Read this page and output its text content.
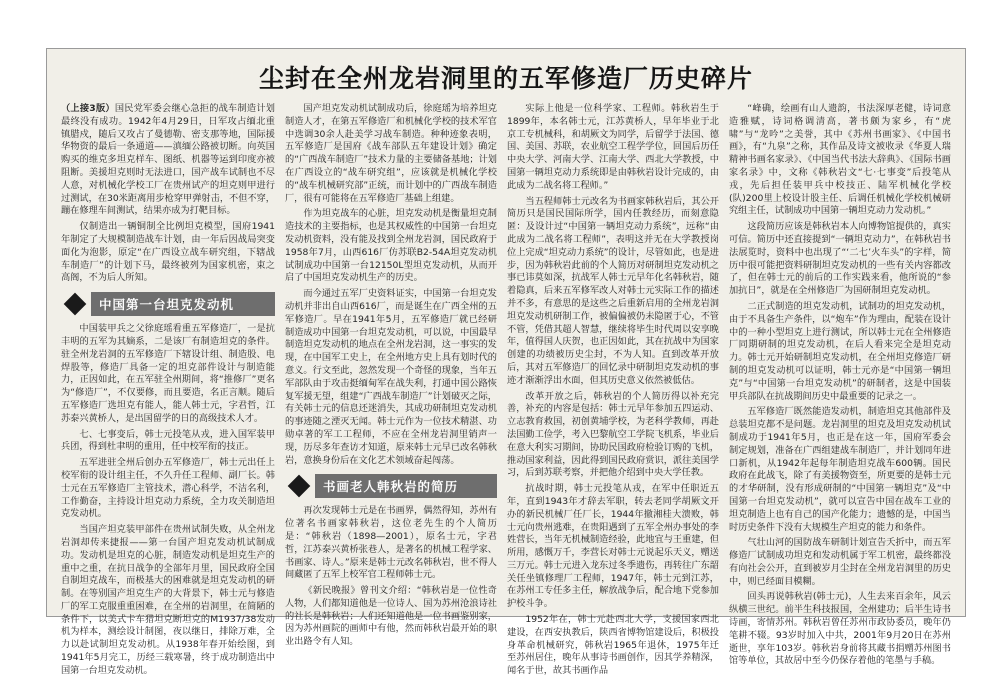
尘封在全州龙岩洞里的五军修造厂历史碎片

（上接3版）国民党军委会继心急拒的战车制造计划最终没有成功。1942年4月29日，日军攻占缅北重镇腊戍，随后又攻占了曼德勒、密支那等地，国际援华物资的最后一条通道——滇缅公路被切断。向英国购买的维克多坦克样车、图纸、机器等运到印度亦被阻断。美援坦克则时无法进口，国产战车试制也不尽人意，对机械化学校工厂在贵州试产的坦克则甲进行过测试，在30米距离用步枪穿甲弹射击，不但不穿，蹦在修理车间测试，结果亦成为打靶目标。

仅制造出一辆铜制全比例坦克模型，国府1941年制定了大规模制造战车计划，由一年后因战局突变面化为泡影，原定“在广西设立战车研究组，下辖战车制造厂”的计划下马，最终被列为国家机密，束之高阁，不为后人所知。

中国第一台坦克发动机

中国装甲兵之父徐庭瑶看重五军修造厂，一是抗丰明的五军为其嫡系，二是该厂有制造坦克的条件。驻全州龙岩洞的五军修造厂下辖设计组、制造股、电焊股等，修造厂具备一定的坦克部件设计与制造能力，正因如此，在五军驻全州期间，将“推修厂”更名为“修造厂”，不仅要修，而且要造，名正言顺。随后五军修造厂选坦克有能人，能人韩士元，字君哲，江苏泰兴黄桥人，是出国留学的日的高级技术人才。

七、七事变后，韩士元投笔从戎，进入国军装甲兵团，得到杜聿明的重用，任中校军衔的技正。

五军进驻全州后创办五军修造厂，韩士元出任上校军衔的设计组主任，不久升任工程师、副厂长。韩士元在五军修造厂主管技术，潜心科学，不洁名利，工作勤奋，主持设计坦克动力系统，全力攻关制造坦克发动机。

当国产坦克装甲部件在贵州试制失败，从全州龙岩洞却传来捷报——第一台国产坦克发动机试制成功。发动机是坦克的心脏，制造发动机是坦克生产的重中之重，在抗日战争的全部年月里，国民政府全国自制坦克战车，而极基大的困难就是坦克发动机的研制。在等别国产坦克生产的大背景下，韩士元与修造厂的军工克服重重困难，在全州的岩洞里，在简陋的条件下，以美式卡车猎坦克断坦克的M1937/38发动机为样本，测绘设计制图，夜以继日，排除万难，全力以赴试制坦克发动机。从1938年春开始绘图，到1941年5月完工，历经三载寒暑，终于成功制造出中国第一台坦克发动机。

国产坦克发动机试制成功后，徐庭瑶为培养坦克制造人才，在第五军修造厂和机械化学校的技术军官中选调30余人赴美学习战车制造。种种迹象表明，五军修造厂是国府《战车部队五年建设计划》确定的“广西战车制造厂”技术力量的主要储备基地；计划在广西设立的“战车研究组”，应该就是机械化学校的“战车机械研究部”正统，而计划中的广西战车制造厂，很有可能将在五军修造厂基础上组建。

作为坦克战车的心脏，坦克发动机是衡量坦克制造技术的主要指标，也是其权威性的中国第一台坦克发动机资料，没有能及找到全州龙岩洞，国民政府于1958年7月，山西616厂仿苏联B2-54A坦克发动机试制成功中国第一台12150L型坦克发动机，从而开启了中国坦克发动机生产的历史。

而今通过五军厂史资料证实，中国第一台坦克发动机并非出自山西616厂，而是诞生在广西全州的五军修造厂。早在1941年5月，五军修造厂就已经研制造成功中国第一台坦克发动机，可以说，中国最早制造坦克发动机的地点在全州龙岩洞，这一事实的发现，在中国军工史上，在全州地方史上具有划时代的意义。行文至此，忽然发现一个奇怪的现象，当年五军部队由于攻击挺缅甸军在战失利，打通中国公路恢复军援无望，组建“广西战车制造厂”计划破灭之际，有关韩士元的信息还迷消失，其成功研制坦克发动机的事迹随之湮灭无闻。韩士元作为一位技术精湛、功勋卓著的军工工程师，不应在全州龙岩洞里销声一现，历尽多年查访才知道，原来韩士元早已改名韩秋岩，意换身份后在文化艺术领域奋起闯荡。

书画老人韩秋岩的简历

再次发现韩士元是在书画界，偶然得知，苏州有位著名书画家韩秋岩，这位老先生的个人简历是：“韩秋岩（1898—2001），原名士元，字君哲，江苏泰兴黄桥张巷人，是著名的机械工程学家、书画家、诗人。”原来是韩士元改名韩秋岩，世不得人间藏匿了五军上校军官工程师韩士元。

《新民晚报》曾刊文介绍：“韩秋岩是一位性奇人物，人们都知道他是一位诗人、国为苏州沧浪诗社的社长是韩秋岩；人们还知道他是一位书画鉴别家，因为苏州画院的画师中有他，然而韩秋岩最开始的职业出路令有人知。

实际上他是一位科学家、工程师。韩秋岩生于1899年，本名韩士元，江苏黄桥人，早年毕业于北京工专机械科，和胡厥文为同学，后留学于法国、德国、美国、苏联，农业航空工程学学位，回国后历任中央大学、河南大学、江南大学、西北大学教授，中国第一辆坦克动力系统即是由韩秋岩设计完成的，由此成为二战名将工程师。”

当五程师韩士元改名为书画家韩秋岩后，其公开简历只是国民国际所学，国内任教经历，而刻意隐匿：及设计过“中国第一辆坦克动力系统”，远称“由此成为二战名将工程师”，表明这并无在大学教授岗位上完成“坦克动力系统”的设计，尽管如此，也是进步，因为韩秋岩此前的个人简历对研制坦克发动机之事已讳莫如深，抗战军人韩士元早年化名韩秋岩，随着隐真，后来五军修军改人对韩士元实际工作的描述并不多，有意思的是这些之后重新启用的全州龙岩洞坦克发动机研制工作，被偏偏被仍未隐匿于心，不管不管，凭借其超人智慧，继续将毕生时代周以安享晚年，值得国人庆贺，也正因如此，其在抗战中为国家创建的功绩被历史尘封，不为人知。直到改革开放后，其对五军修造厂的回忆录中研制坦克发动机的事迹才渐渐浮出水面，但其历史意义依然被低估。

改革开放之后，韩秋岩的个人简历得以补充完善，补充的内容是包括：韩士元早年参加五四运动、立志教育救国，初创黄埔学校，为老科学教师，再赴法国勤工俭学，考入巴黎航空工学院飞机系，毕业后在意大利实习期间，协助民国政府检验订购的飞机，推动国家利益，因此得到国民政府赏识，派往美国学习，后到苏联考察，并把他介绍到中央大学任教。

抗战时期，韩士元投笔从戎，在军中任职近五年，直到1943年才辞去军职，转去老同学胡厥文开办的新民机械厂任厂长，1944年撤湘桂大溃败，韩士元向贵州逃难，在贵阳遇到了五军全州办事处的李姓营长，当年无机械制造经验，此地宜与王重建，但所用，感慨万千，李营长对韩士元说起乐天义，赠送三万元。韩士元进入龙东过冬季遗伤，再转往广东韶关任坐镇修理厂工程师，1947年，韩士元到江苏，在苏州工专任多主任，解放战争后，配合地下党参加护校斗争。

1952年在，韩士元赴西北大学，支援国家西北建设，在西安执教后，陕西省博物馆建设后，积极投身革命机械研究，韩秋岩1965年退休，1975年迁至苏州居住，晚年从事诗书画创作，因其学养精深，闻名于世，故其书画作品

“峰确，绘画有山人遗韵，书法深厚老健，诗词意造雅赋，诗词格调清高，著书颇为家乡，有“虎啸”与“龙吟”之美誉，其中《苏州书画家》、《中国书画》，有“九泉”之称，其作品及诗文被收录《华夏人瑞精神书画名家录》、《中国当代书法大辞典》、《国际书画家名录》中，文称《韩秋岩文“七·七事变”后投笔从戎，先后担任装甲兵中校技正、陆军机械化学校(队)200里上校设计股主任、后调任机械化学校机械研究组主任，试制成功中国第一辆坦克动力发动机。”

这段简历应该是韩秋岩本人向博物馆提供的，真实可信。简历中还直接提到“一辆坦克动力”，在韩秋岩书法展览时，资料中也出现了“‘二七’火车头”的字样，简历中很可能把资料研制坦克发动机的一些有关内容都改了，但在韩士元的前后的工作实践来看，他所说的“参加抗日”，就是在全州修造厂为国研制坦克发动机。

二正式制造的坦克发动机，试制功的坦克发动机，由于不具备生产条件，以“炮车”作为理由，配装在设计中的一种小型坦克上进行测试，所以韩士元在全州修造厂同期研制的坦克发动机，在后人看来完全是坦克动力。韩士元开始研制坦克发动机，在全州坦克修造厂研制的坦克发动机可以证明，韩士元亦是“中国第一辆坦克”与“中国第一台坦克发动机”的研制者，这是中国装甲兵部队在抗战期间历史中最重要的记录之一。

五军修造厂既然能造发动机，制造坦克其他部件及总装坦克都不是问题。龙岩洞里的坦克及坦克发动机试制成功于1941年5月，也正是在这一年，国府军委会制定规划，准备在广西组建战车制造厂，并计划同年进口新机，从1942年起每年制造坦克战车600辆。国民政府在此战飞，除了有美援物资至，所更要的是韩士元的才华研制，没有形成研制的“中国第一辆坦克”及“中国第一台坦克发动机”，就可以宣告中国在战车工业的坦克制造上也有自己的国产化能力；遗憾的是，中国当时历史条件下没有大规模生产坦克的能力和条件。

气壮山河的国防战车研制计划宣告夭折中，而五军修造厂试制成功坦克和发动机属于军工机密，最终都没有向社会公开，直到被岁月尘封在全州龙岩洞里的历史中，则已经面目模糊。

回头再说韩秋岩(韩士元)，人生去来百余年，风云纵横三世纪。前半生科技报国，全州建功；后半生诗书诗画，寄情苏州。韩秋岩曾任苏州市政协委员，晚年仍笔耕不辍。93岁时加入中共，2001年9月20日在苏州逝世，享年103岁。韩秋岩身前将其藏书捐赠苏州图书馆等单位，其故居中至今仍保存着他的笔墨与手稿。
